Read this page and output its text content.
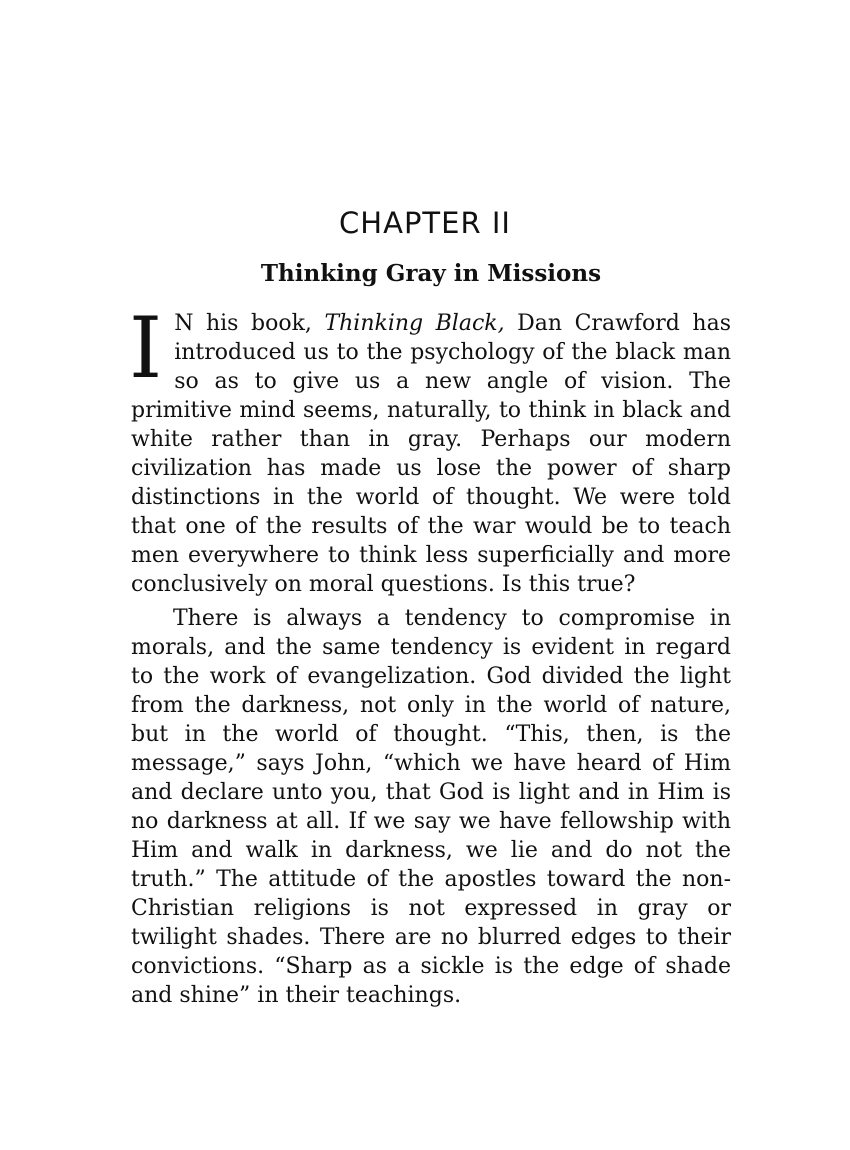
CHAPTER II
Thinking Gray in Missions

I N his book, Thinking Black, Dan Crawford has introduced us to the psychology of the black man so as to give us a new angle of vision. The primitive mind seems, naturally, to think in black and white rather than in gray. Perhaps our modern civilization has made us lose the power of sharp distinctions in the world of thought. We were told that one of the results of the war would be to teach men everywhere to think less superficially and more conclusively on moral questions. Is this true?

There is always a tendency to compromise in morals, and the same tendency is evident in regard to the work of evangelization. God divided the light from the darkness, not only in the world of nature, but in the world of thought. “This, then, is the message,” says John, “which we have heard of Him and declare unto you, that God is light and in Him is no darkness at all. If we say we have fellowship with Him and walk in darkness, we lie and do not the truth.” The attitude of the apostles toward the non-Christian religions is not expressed in gray or twilight shades. There are no blurred edges to their convictions. “Sharp as a sickle is the edge of shade and shine” in their teachings.
